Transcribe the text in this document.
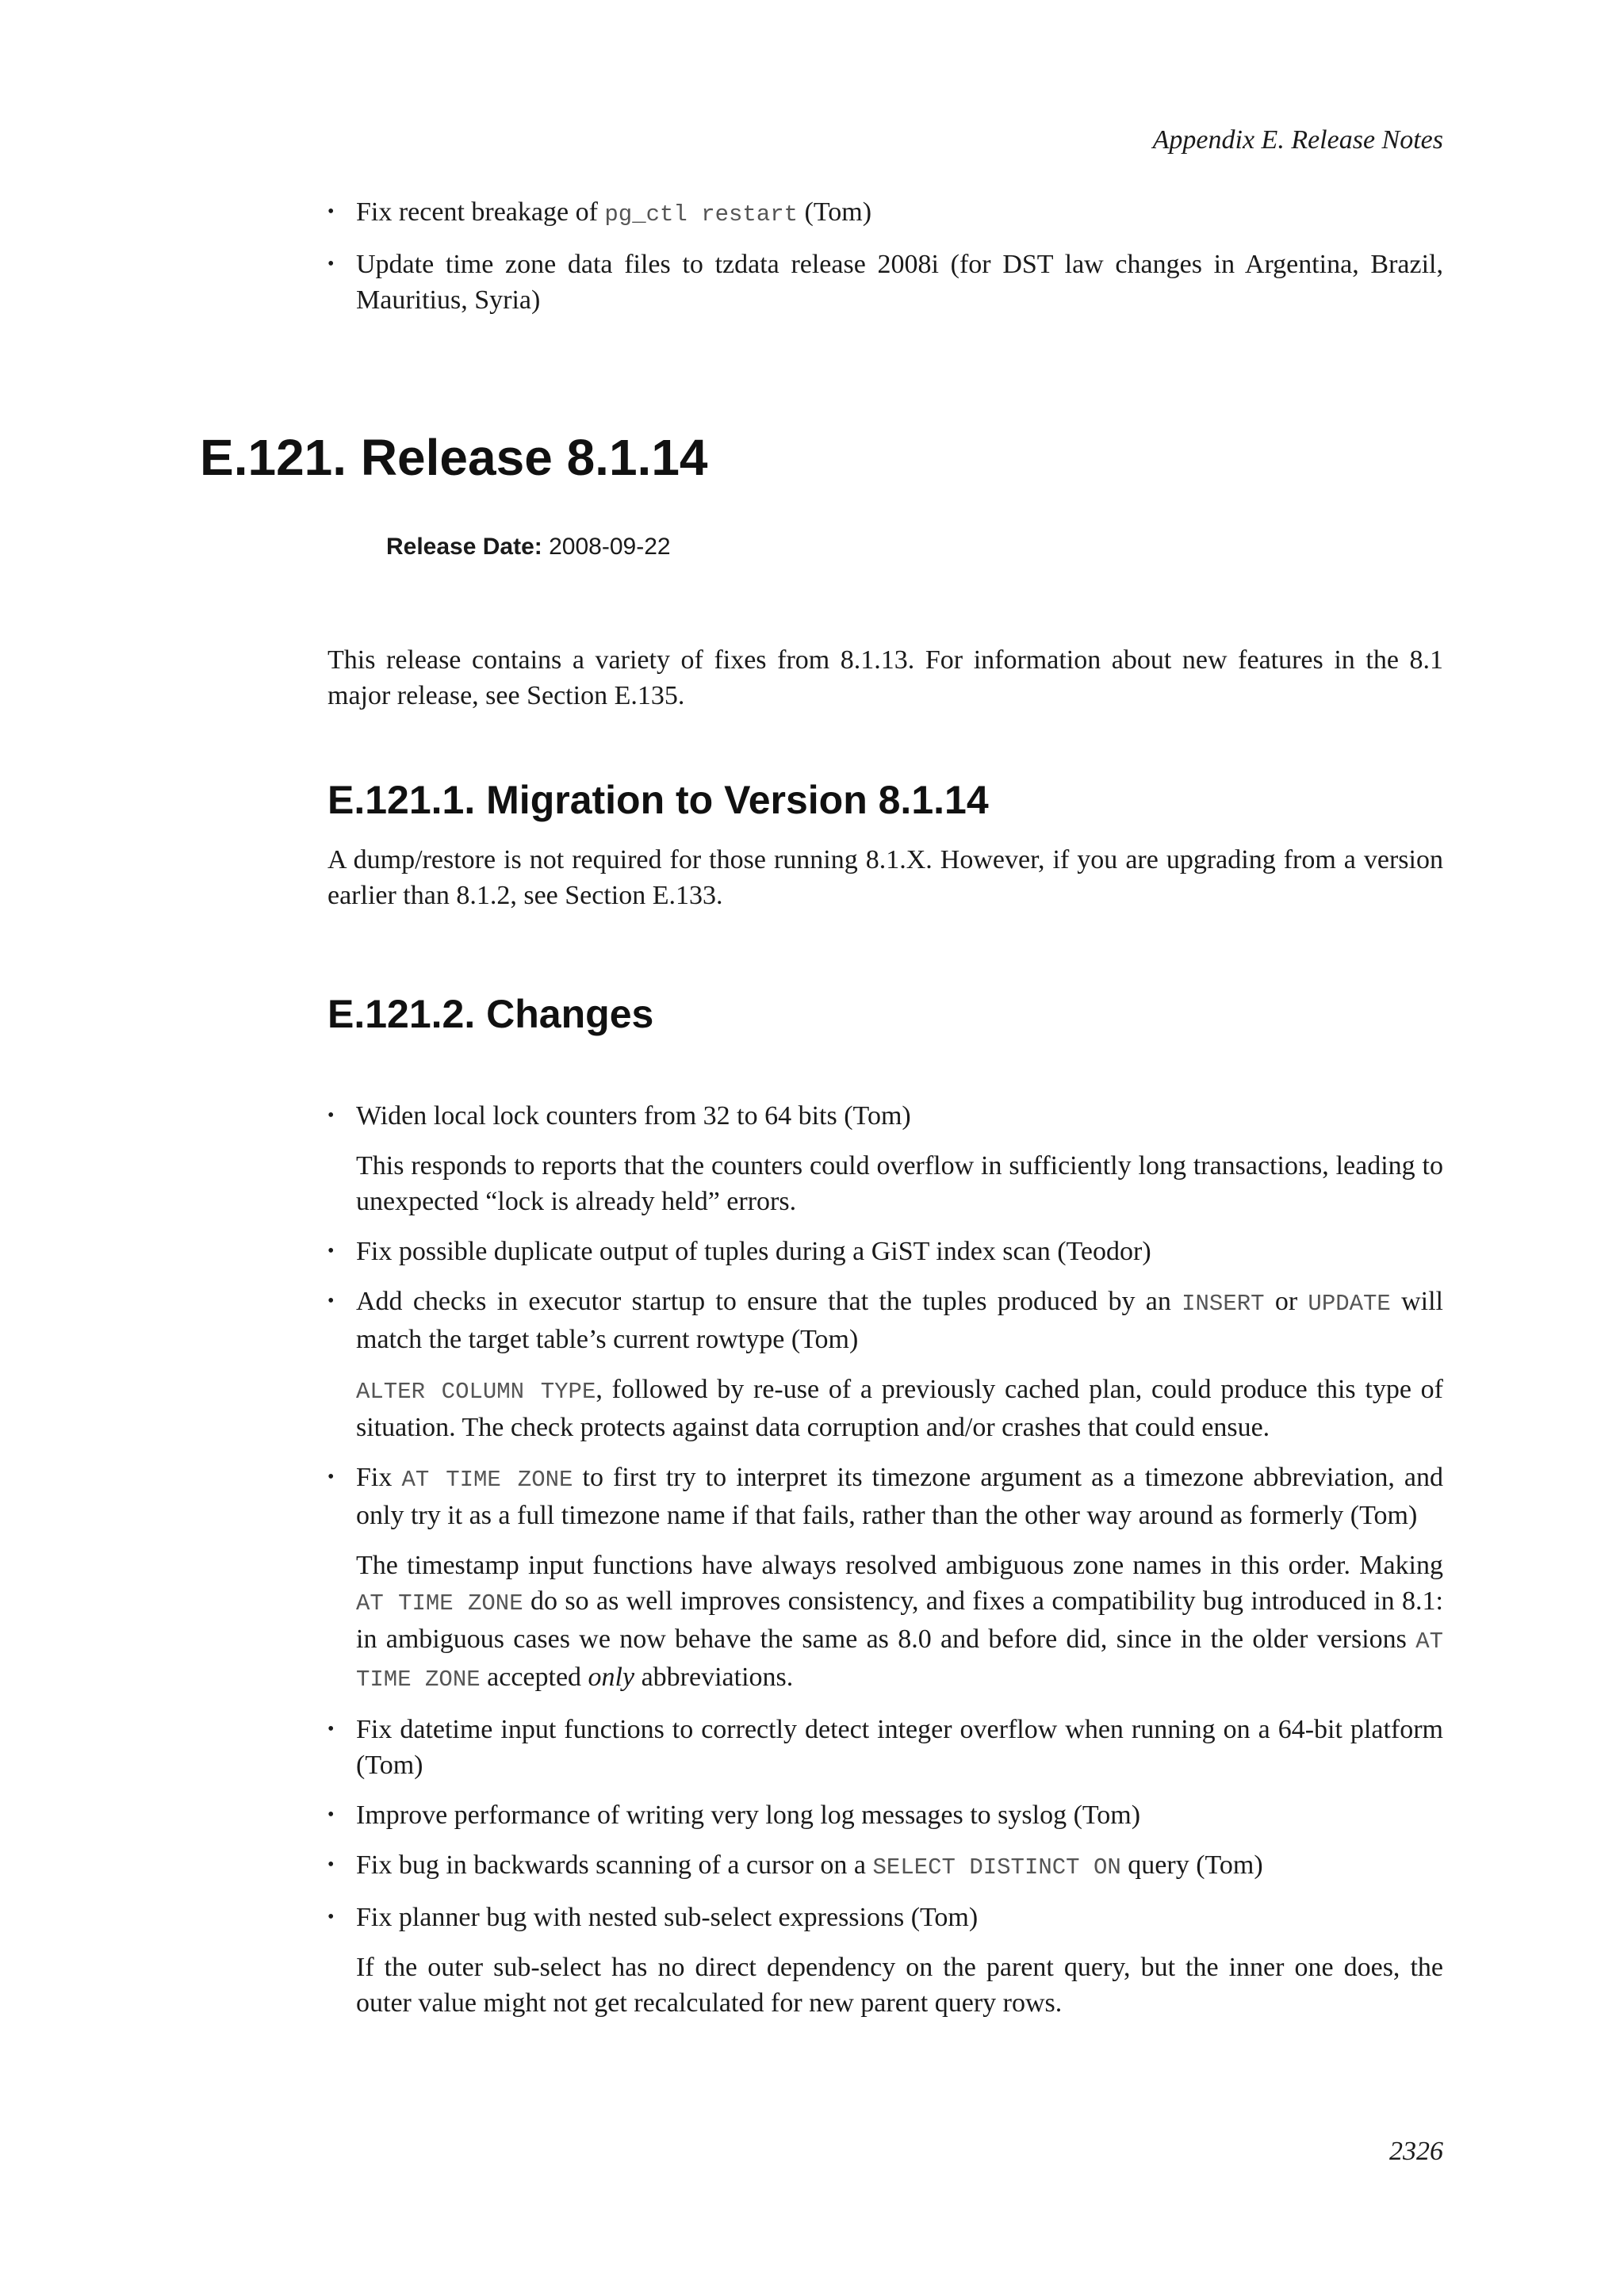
Appendix E. Release Notes
• Fix recent breakage of pg_ctl restart (Tom)
• Update time zone data files to tzdata release 2008i (for DST law changes in Argentina, Brazil, Mauritius, Syria)
E.121. Release 8.1.14
Release Date: 2008-09-22
This release contains a variety of fixes from 8.1.13. For information about new features in the 8.1 major release, see Section E.135.
E.121.1. Migration to Version 8.1.14
A dump/restore is not required for those running 8.1.X. However, if you are upgrading from a version earlier than 8.1.2, see Section E.133.
E.121.2. Changes
• Widen local lock counters from 32 to 64 bits (Tom)
This responds to reports that the counters could overflow in sufficiently long transactions, leading to unexpected “lock is already held” errors.
• Fix possible duplicate output of tuples during a GiST index scan (Teodor)
• Add checks in executor startup to ensure that the tuples produced by an INSERT or UPDATE will match the target table’s current rowtype (Tom)
ALTER COLUMN TYPE, followed by re-use of a previously cached plan, could produce this type of situation. The check protects against data corruption and/or crashes that could ensue.
• Fix AT TIME ZONE to first try to interpret its timezone argument as a timezone abbreviation, and only try it as a full timezone name if that fails, rather than the other way around as formerly (Tom)
The timestamp input functions have always resolved ambiguous zone names in this order. Making AT TIME ZONE do so as well improves consistency, and fixes a compatibility bug introduced in 8.1: in ambiguous cases we now behave the same as 8.0 and before did, since in the older versions AT TIME ZONE accepted only abbreviations.
• Fix datetime input functions to correctly detect integer overflow when running on a 64-bit platform (Tom)
• Improve performance of writing very long log messages to syslog (Tom)
• Fix bug in backwards scanning of a cursor on a SELECT DISTINCT ON query (Tom)
• Fix planner bug with nested sub-select expressions (Tom)
If the outer sub-select has no direct dependency on the parent query, but the inner one does, the outer value might not get recalculated for new parent query rows.
2326
